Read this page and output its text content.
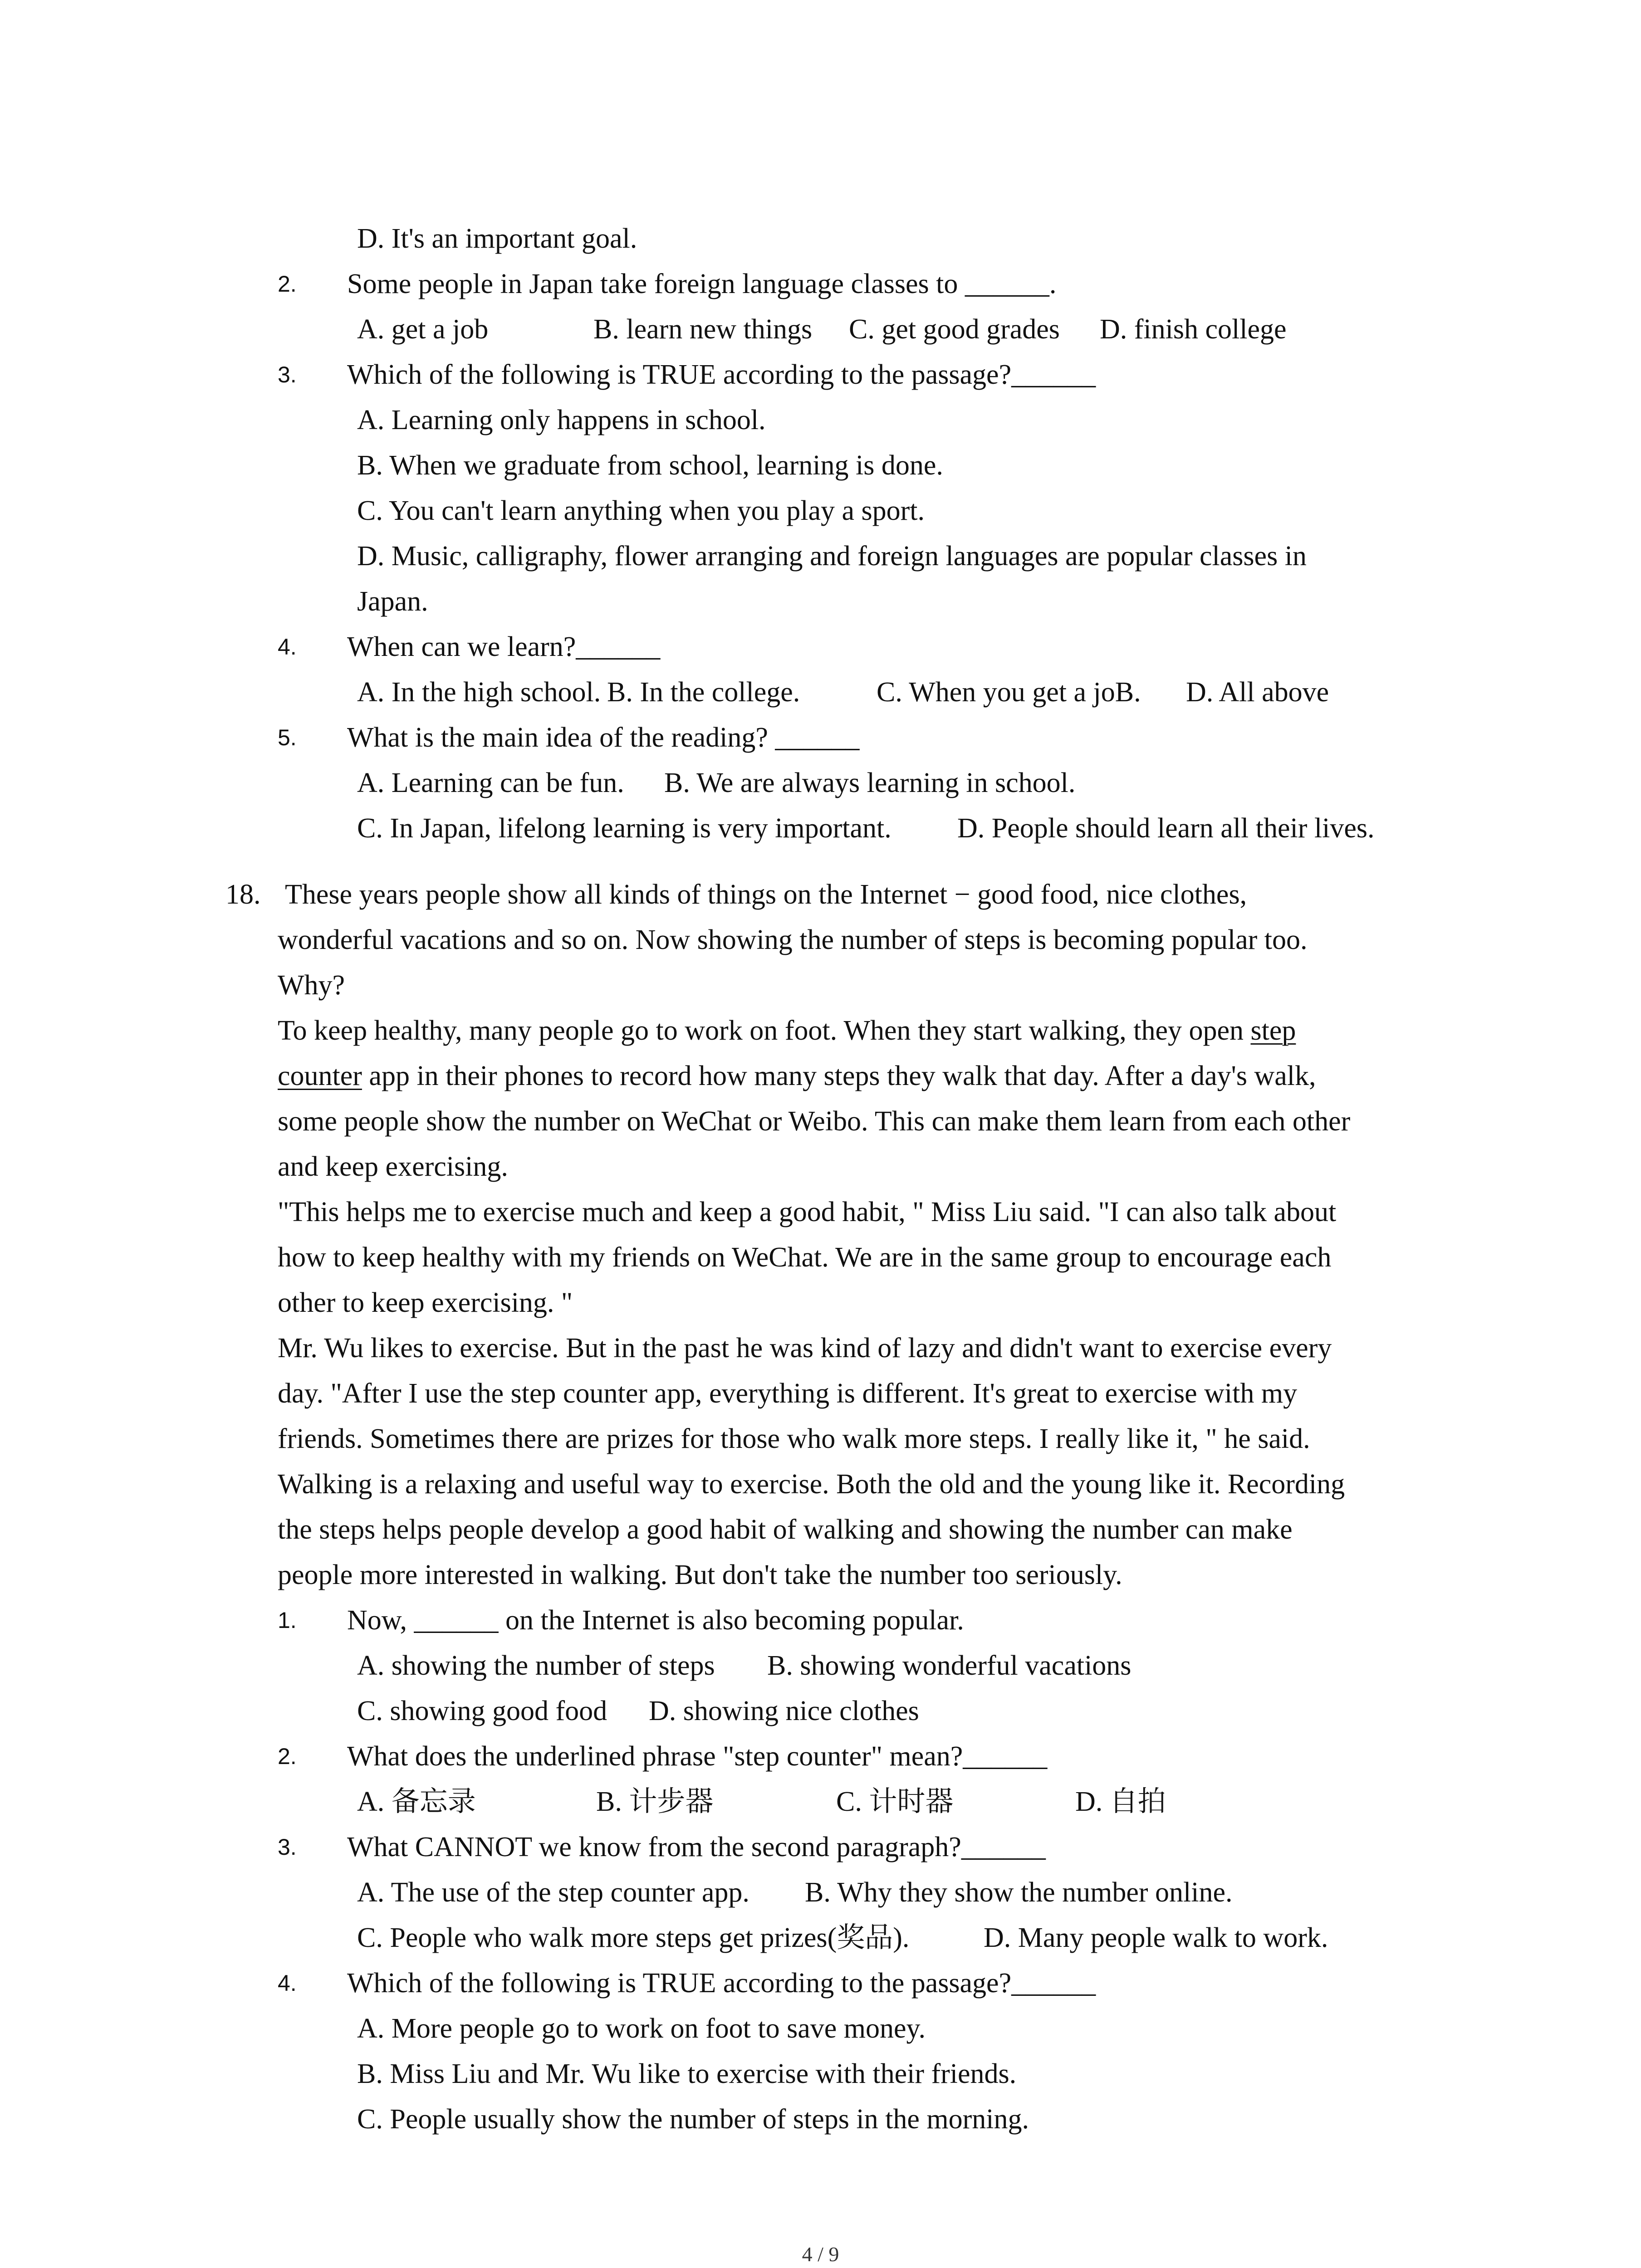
D. It's an important goal.
2. Some people in Japan take foreign language classes to ______.
A. get a job	B. learn new things C. get good grades D. finish college
3. Which of the following is TRUE according to the passage?______
A. Learning only happens in school.
B. When we graduate from school, learning is done.
C. You can't learn anything when you play a sport.
D. Music, calligraphy, flower arranging and foreign languages are popular classes in
Japan.
4. When can we learn?______
A. In the high school. B. In the college.	C. When you get a joB. D. All above
5. What is the main idea of the reading? ______
A. Learning can be fun. B. We are always learning in school.
C. In Japan, lifelong learning is very important. D. People should learn all their lives.
18. These years people show all kinds of things on the Internet − good food, nice clothes,
wonderful vacations and so on. Now showing the number of steps is becoming popular too.
Why?
To keep healthy, many people go to work on foot. When they start walking, they open step
counter app in their phones to record how many steps they walk that day. After a day's walk,
some people show the number on WeChat or Weibo. This can make them learn from each other
and keep exercising.
"This helps me to exercise much and keep a good habit, " Miss Liu said. "I can also talk about
how to keep healthy with my friends on WeChat. We are in the same group to encourage each
other to keep exercising. "
Mr. Wu likes to exercise. But in the past he was kind of lazy and didn't want to exercise every
day. "After I use the step counter app, everything is different. It's great to exercise with my
friends. Sometimes there are prizes for those who walk more steps. I really like it, " he said.
Walking is a relaxing and useful way to exercise. Both the old and the young like it. Recording
the steps helps people develop a good habit of walking and showing the number can make
people more interested in walking. But don't take the number too seriously.
1. Now, ______ on the Internet is also becoming popular.
A. showing the number of steps B. showing wonderful vacations
C. showing good food D. showing nice clothes
2. What does the underlined phrase "step counter" mean?______
A. 备忘录	B. 计步器	C. 计时器	D. 自拍
3. What CANNOT we know from the second paragraph?______
A. The use of the step counter app. B. Why they show the number online.
C. People who walk more steps get prizes(奖品).	D. Many people walk to work.
4. Which of the following is TRUE according to the passage?______
A. More people go to work on foot to save money.
B. Miss Liu and Mr. Wu like to exercise with their friends.
C. People usually show the number of steps in the morning.
4 / 9
